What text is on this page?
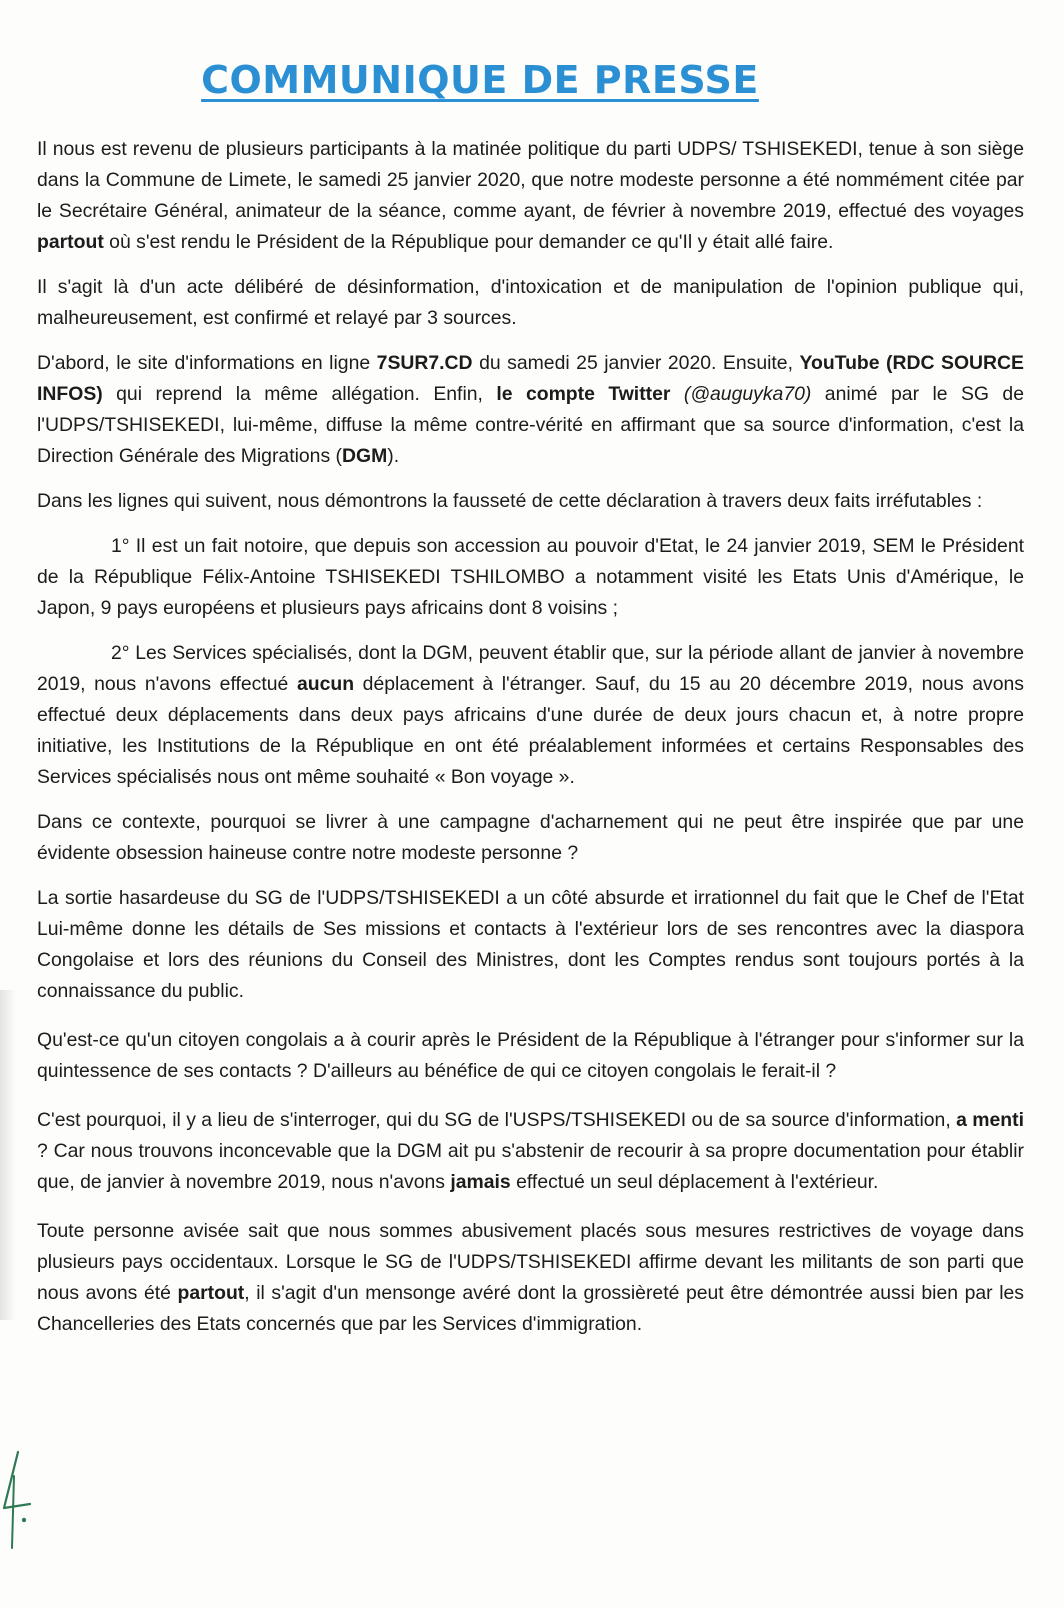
COMMUNIQUE DE PRESSE

Il nous est revenu de plusieurs participants à la matinée politique du parti UDPS/ TSHISEKEDI, tenue à son siège dans la Commune de Limete, le samedi 25 janvier 2020, que notre modeste personne a été nommément citée par le Secrétaire Général, animateur de la séance, comme ayant, de février à novembre 2019, effectué des voyages partout où s'est rendu le Président de la République pour demander ce qu'Il y était allé faire.

Il s'agit là d'un acte délibéré de désinformation, d'intoxication et de manipulation de l'opinion publique qui, malheureusement, est confirmé et relayé par 3 sources.

D'abord, le site d'informations en ligne 7SUR7.CD du samedi 25 janvier 2020. Ensuite, YouTube (RDC SOURCE INFOS) qui reprend la même allégation. Enfin, le compte Twitter (@auguyka70) animé par le SG de l'UDPS/TSHISEKEDI, lui-même, diffuse la même contre-vérité en affirmant que sa source d'information, c'est la Direction Générale des Migrations (DGM).

Dans les lignes qui suivent, nous démontrons la fausseté de cette déclaration à travers deux faits irréfutables :

1° Il est un fait notoire, que depuis son accession au pouvoir d'Etat, le 24 janvier 2019, SEM le Président de la République Félix-Antoine TSHISEKEDI TSHILOMBO a notamment visité les Etats Unis d'Amérique, le Japon, 9 pays européens et plusieurs pays africains dont 8 voisins ;

2° Les Services spécialisés, dont la DGM, peuvent établir que, sur la période allant de janvier à novembre 2019, nous n'avons effectué aucun déplacement à l'étranger. Sauf, du 15 au 20 décembre 2019, nous avons effectué deux déplacements dans deux pays africains d'une durée de deux jours chacun et, à notre propre initiative, les Institutions de la République en ont été préalablement informées et certains Responsables des Services spécialisés nous ont même souhaité « Bon voyage ».

Dans ce contexte, pourquoi se livrer à une campagne d'acharnement qui ne peut être inspirée que par une évidente obsession haineuse contre notre modeste personne ?

La sortie hasardeuse du SG de l'UDPS/TSHISEKEDI a un côté absurde et irrationnel du fait que le Chef de l'Etat Lui-même donne les détails de Ses missions et contacts à l'extérieur lors de ses rencontres avec la diaspora Congolaise et lors des réunions du Conseil des Ministres, dont les Comptes rendus sont toujours portés à la connaissance du public.

Qu'est-ce qu'un citoyen congolais a à courir après le Président de la République à l'étranger pour s'informer sur la quintessence de ses contacts ? D'ailleurs au bénéfice de qui ce citoyen congolais le ferait-il ?

C'est pourquoi, il y a lieu de s'interroger, qui du SG de l'USPS/TSHISEKEDI ou de sa source d'information, a menti ? Car nous trouvons inconcevable que la DGM ait pu s'abstenir de recourir à sa propre documentation pour établir que, de janvier à novembre 2019, nous n'avons jamais effectué un seul déplacement à l'extérieur.

Toute personne avisée sait que nous sommes abusivement placés sous mesures restrictives de voyage dans plusieurs pays occidentaux. Lorsque le SG de l'UDPS/TSHISEKEDI affirme devant les militants de son parti que nous avons été partout, il s'agit d'un mensonge avéré dont la grossièreté peut être démontrée aussi bien par les Chancelleries des Etats concernés que par les Services d'immigration.
